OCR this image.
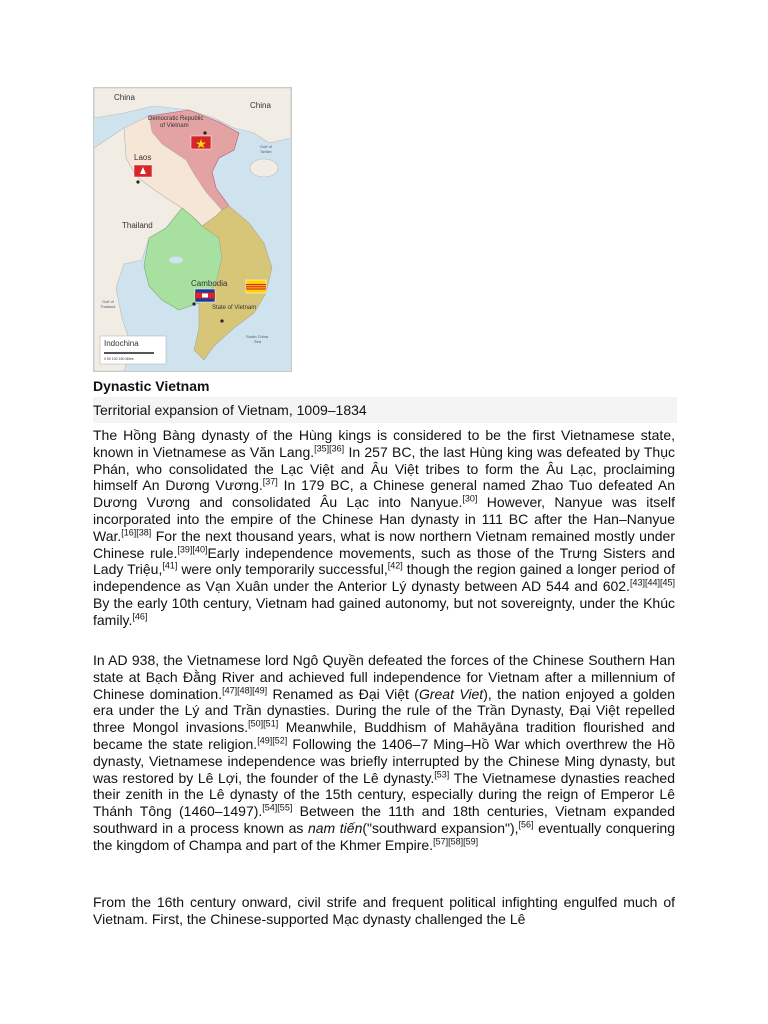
China
China
Democratic Republic of Vietnam
Laos
Thailand
Cambodia
State of Vietnam
Gulf of Thailand
Gulf of Tonkin
South China Sea
Indochina
0 50 100 150 Miles
Dynastic Vietnam
Territorial expansion of Vietnam, 1009–1834

The Hồng Bàng dynasty of the Hùng kings is considered to be the first Vietnamese state, known in Vietnamese as Văn Lang.[35][36] In 257 BC, the last Hùng king was defeated by Thục Phán, who consolidated the Lạc Việt and Âu Việt tribes to form the Âu Lạc, proclaiming himself An Dương Vương.[37] In 179 BC, a Chinese general named Zhao Tuo defeated An Dương Vương and consolidated Âu Lạc into Nanyue.[30] However, Nanyue was itself incorporated into the empire of the Chinese Han dynasty in 111 BC after the Han–Nanyue War.[16][38] For the next thousand years, what is now northern Vietnam remained mostly under Chinese rule.[39][40]Early independence movements, such as those of the Trưng Sisters and Lady Triệu,[41] were only temporarily successful,[42] though the region gained a longer period of independence as Vạn Xuân under the Anterior Lý dynasty between AD 544 and 602.[43][44][45] By the early 10th century, Vietnam had gained autonomy, but not sovereignty, under the Khúc family.[46]

In AD 938, the Vietnamese lord Ngô Quyền defeated the forces of the Chinese Southern Han state at Bạch Đằng River and achieved full independence for Vietnam after a millennium of Chinese domination.[47][48][49] Renamed as Đại Việt (Great Viet), the nation enjoyed a golden era under the Lý and Trần dynasties. During the rule of the Trần Dynasty, Đại Việt repelled three Mongol invasions.[50][51] Meanwhile, Buddhism of Mahāyāna tradition flourished and became the state religion.[49][52] Following the 1406–7 Ming–Hồ War which overthrew the Hồ dynasty, Vietnamese independence was briefly interrupted by the Chinese Ming dynasty, but was restored by Lê Lợi, the founder of the Lê dynasty.[53] The Vietnamese dynasties reached their zenith in the Lê dynasty of the 15th century, especially during the reign of Emperor Lê Thánh Tông (1460–1497).[54][55] Between the 11th and 18th centuries, Vietnam expanded southward in a process known as nam tiến("southward expansion"),[56] eventually conquering the kingdom of Champa and part of the Khmer Empire.[57][58][59]

From the 16th century onward, civil strife and frequent political infighting engulfed much of Vietnam. First, the Chinese-supported Mạc dynasty challenged the Lê
